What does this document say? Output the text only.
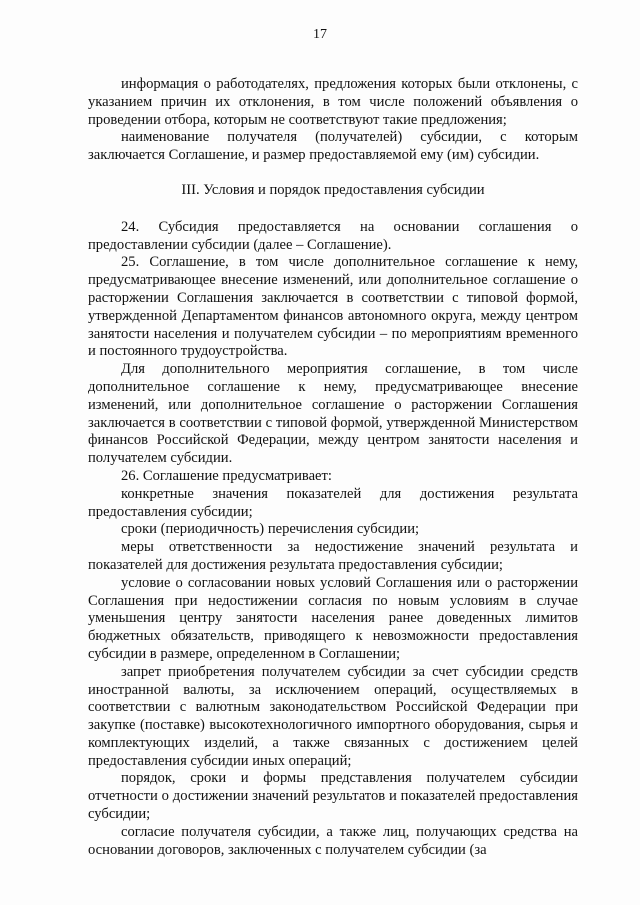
17

информация о работодателях, предложения которых были отклонены, с указанием причин их отклонения, в том числе положений объявления о проведении отбора, которым не соответствуют такие предложения;

наименование получателя (получателей) субсидии, с которым заключается Соглашение, и размер предоставляемой ему (им) субсидии.

III. Условия и порядок предоставления субсидии

24. Субсидия предоставляется на основании соглашения о предоставлении субсидии (далее – Соглашение).

25. Соглашение, в том числе дополнительное соглашение к нему, предусматривающее внесение изменений, или дополнительное соглашение о расторжении Соглашения заключается в соответствии с типовой формой, утвержденной Департаментом финансов автономного округа, между центром занятости населения и получателем субсидии – по мероприятиям временного и постоянного трудоустройства.

Для дополнительного мероприятия соглашение, в том числе дополнительное соглашение к нему, предусматривающее внесение изменений, или дополнительное соглашение о расторжении Соглашения заключается в соответствии с типовой формой, утвержденной Министерством финансов Российской Федерации, между центром занятости населения и получателем субсидии.

26. Соглашение предусматривает:

конкретные значения показателей для достижения результата предоставления субсидии;

сроки (периодичность) перечисления субсидии;

меры ответственности за недостижение значений результата и показателей для достижения результата предоставления субсидии;

условие о согласовании новых условий Соглашения или о расторжении Соглашения при недостижении согласия по новым условиям в случае уменьшения центру занятости населения ранее доведенных лимитов бюджетных обязательств, приводящего к невозможности предоставления субсидии в размере, определенном в Соглашении;

запрет приобретения получателем субсидии за счет субсидии средств иностранной валюты, за исключением операций, осуществляемых в соответствии с валютным законодательством Российской Федерации при закупке (поставке) высокотехнологичного импортного оборудования, сырья и комплектующих изделий, а также связанных с достижением целей предоставления субсидии иных операций;

порядок, сроки и формы представления получателем субсидии отчетности о достижении значений результатов и показателей предоставления субсидии;

согласие получателя субсидии, а также лиц, получающих средства на основании договоров, заключенных с получателем субсидии (за
